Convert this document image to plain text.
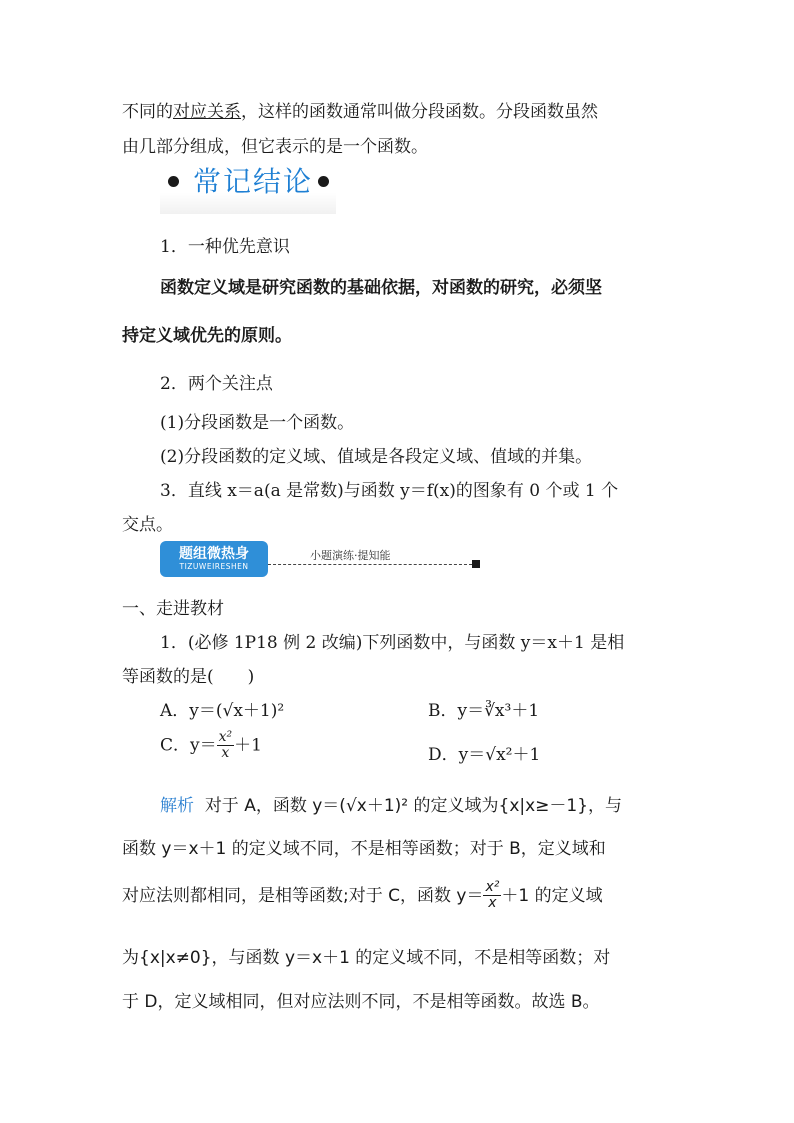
不同的对应关系，这样的函数通常叫做分段函数。分段函数虽然
由几部分组成，但它表示的是一个函数。
常记结论
1．一种优先意识
函数定义域是研究函数的基础依据，对函数的研究，必须坚
持定义域优先的原则。
2．两个关注点
(1)分段函数是一个函数。
(2)分段函数的定义域、值域是各段定义域、值域的并集。
3．直线 x＝a(a 是常数)与函数 y＝f(x)的图象有 0 个或 1 个
交点。
题组微热身
TIZUWEIRESHEN
小题演练·提知能
一、走进教材
1．(必修 1P18 例 2 改编)下列函数中，与函数 y＝x＋1 是相
等函数的是(　　)
A．y＝(√x＋1)²	B．y＝∛x³＋1
C．$y= \frac{\text{x²}}{x} +1$	D．y＝√x²＋1
解析 对于 A，函数 y＝(√x＋1)² 的定义域为{x|x≥－1}，与
函数 y＝x＋1 的定义域不同，不是相等函数；对于 B，定义域和
对应法则都相同，是相等函数;对于 C，函数 $y= \frac{\text{x²}}{x} +1$ 的定义域
为{x|x≠0}，与函数 y＝x＋1 的定义域不同，不是相等函数；对
于 D，定义域相同，但对应法则不同，不是相等函数。故选 B。
